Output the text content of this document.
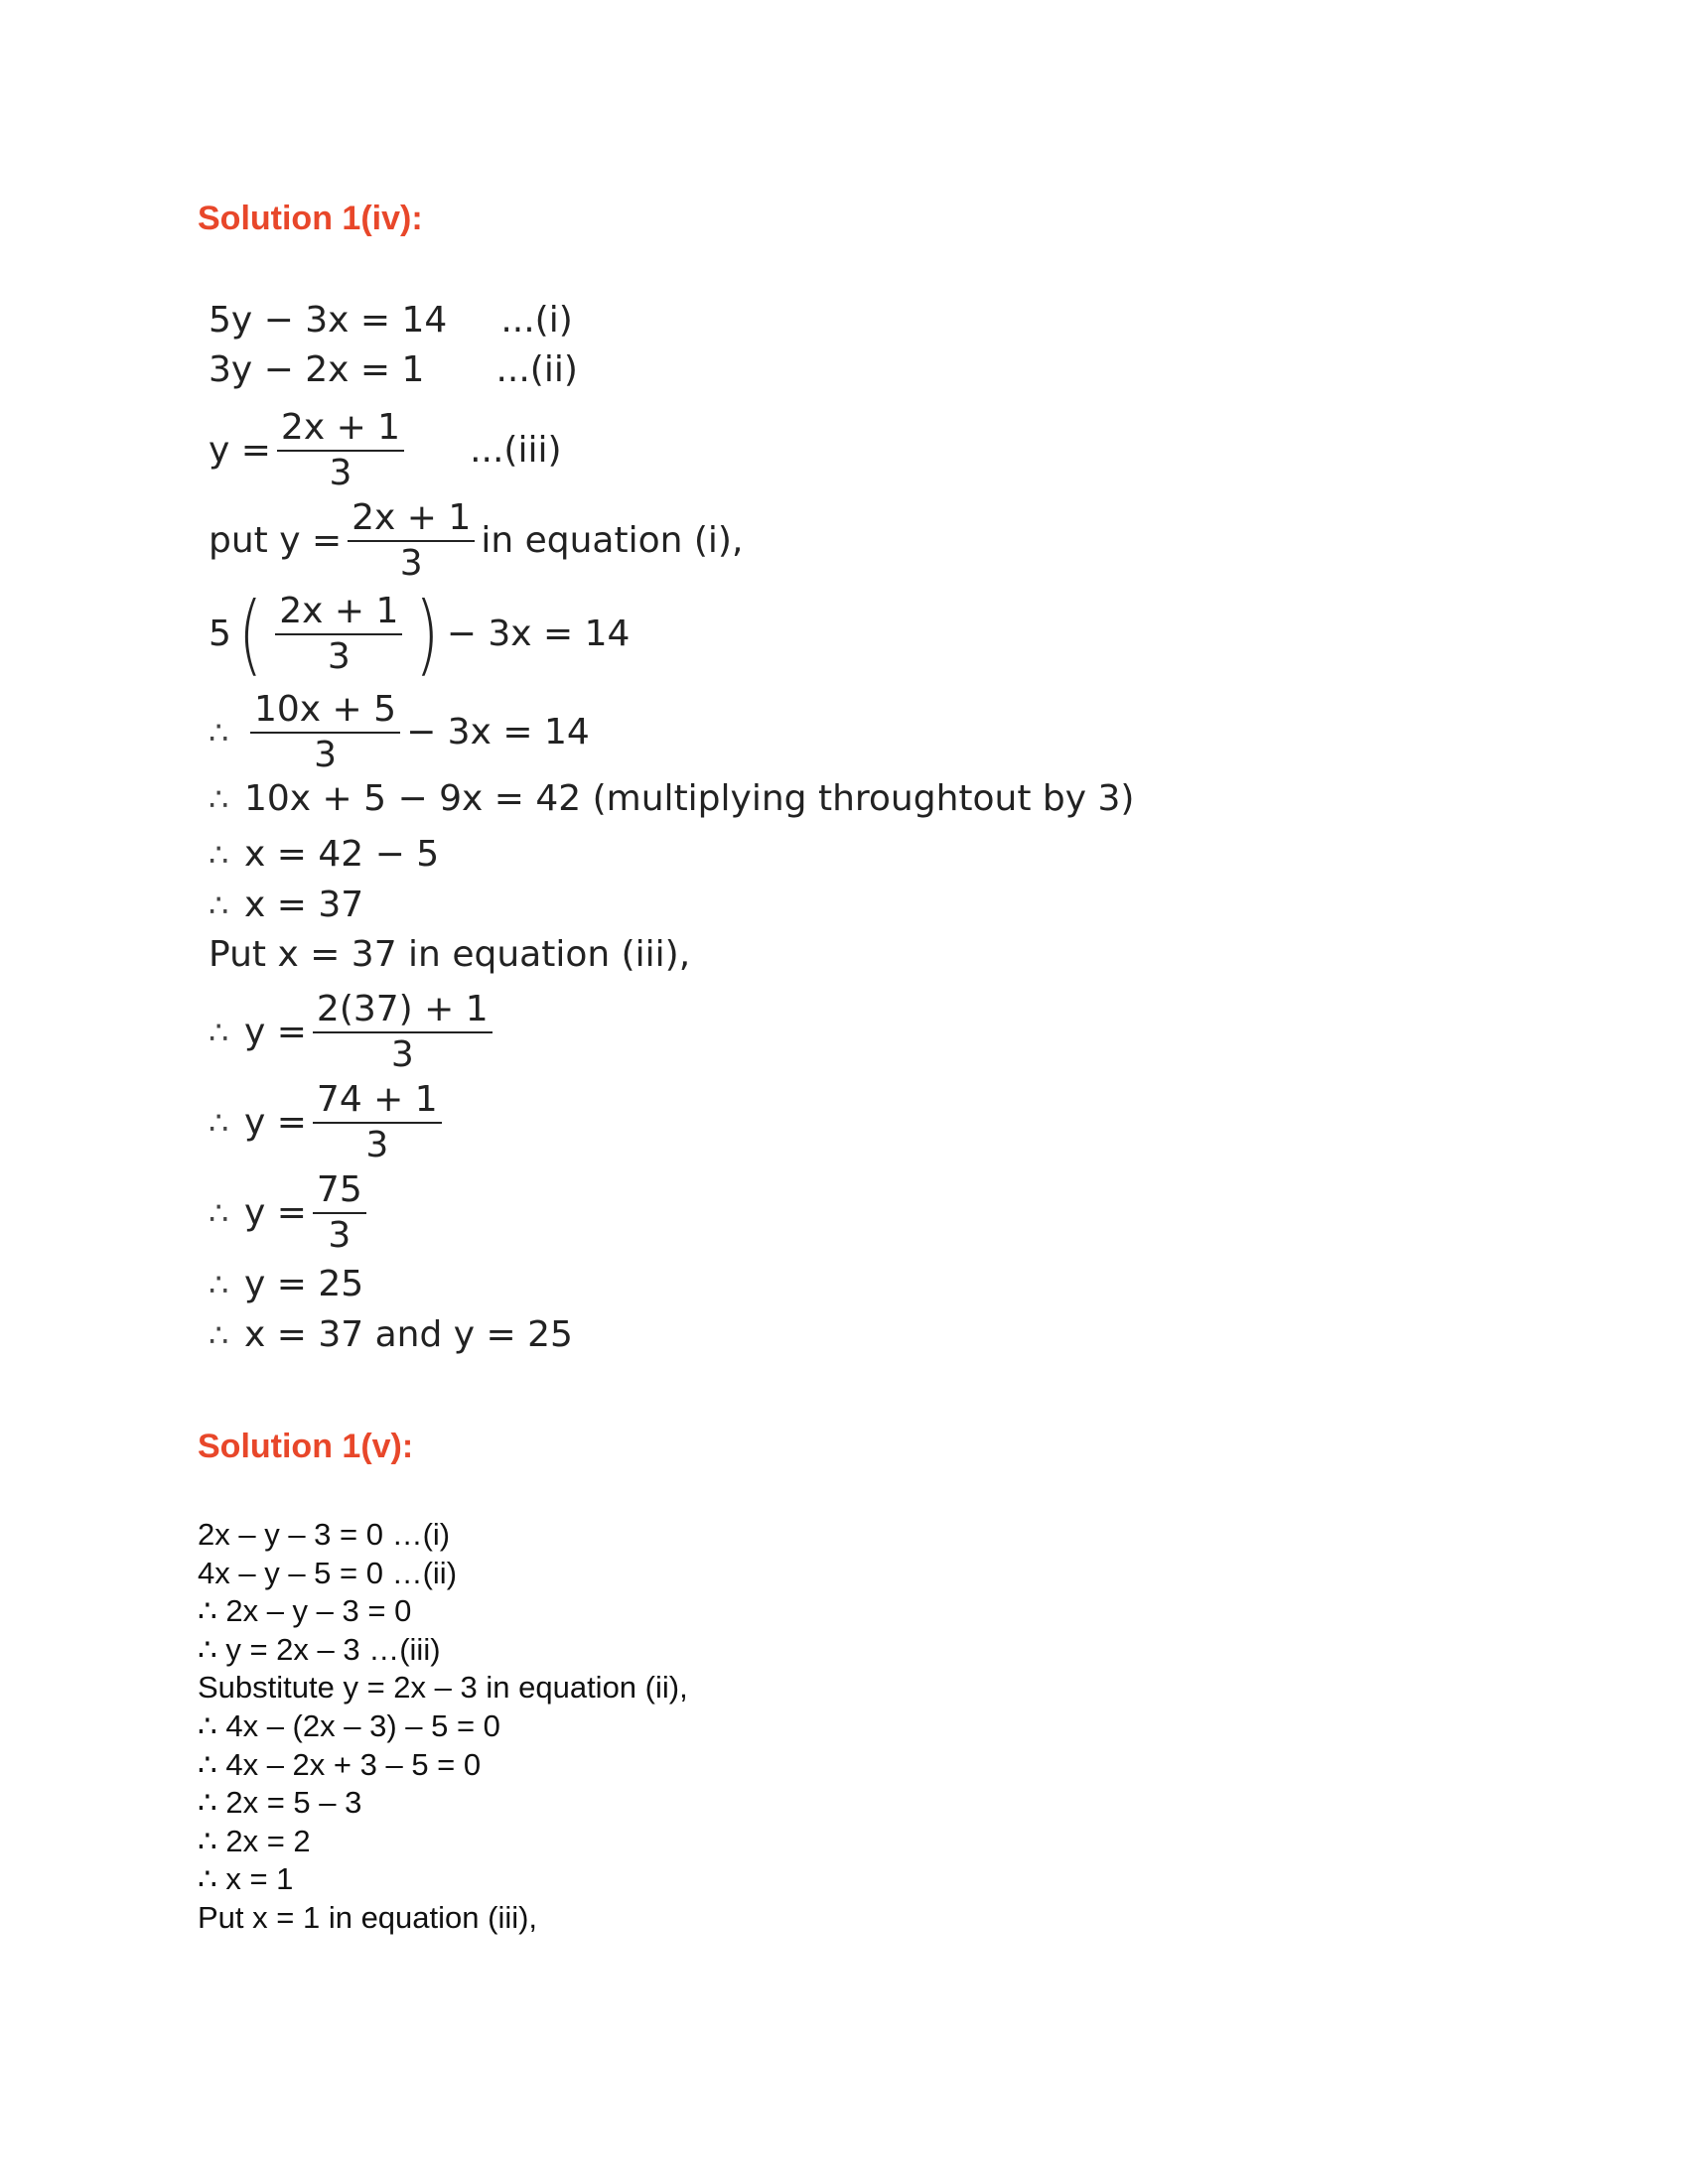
Solution 1(iv):
5y − 3x = 14 ...(i)
3y − 2x = 1 ...(ii)
$y = \frac{2x + 1}{3} ...(iii)$
put $y = \frac{2x + 1}{3}$ in equation (i),
5 ( $\frac{2x + 1}{3}$ ) − 3x = 14
∴ $\frac{10x + 5}{3} - 3x = 14$
∴ 10x + 5 − 9x = 42 (multiplying throughtout by 3)
∴ x = 42 − 5
∴ x = 37
Put x = 37 in equation (iii),
∴ $y = \frac{2(37) + 1}{3}$
∴ $y = \frac{74 + 1}{3}$
∴ $y = \frac{75}{3}$
∴ y = 25
∴ x = 37 and y = 25
Solution 1(v):
2x – y – 3 = 0 …(i)
4x – y – 5 = 0 …(ii)
∴ 2x – y – 3 = 0
∴ y = 2x – 3 …(iii)
Substitute y = 2x – 3 in equation (ii),
∴ 4x – (2x – 3) – 5 = 0
∴ 4x – 2x + 3 – 5 = 0
∴ 2x = 5 – 3
∴ 2x = 2
∴ x = 1
Put x = 1 in equation (iii),
